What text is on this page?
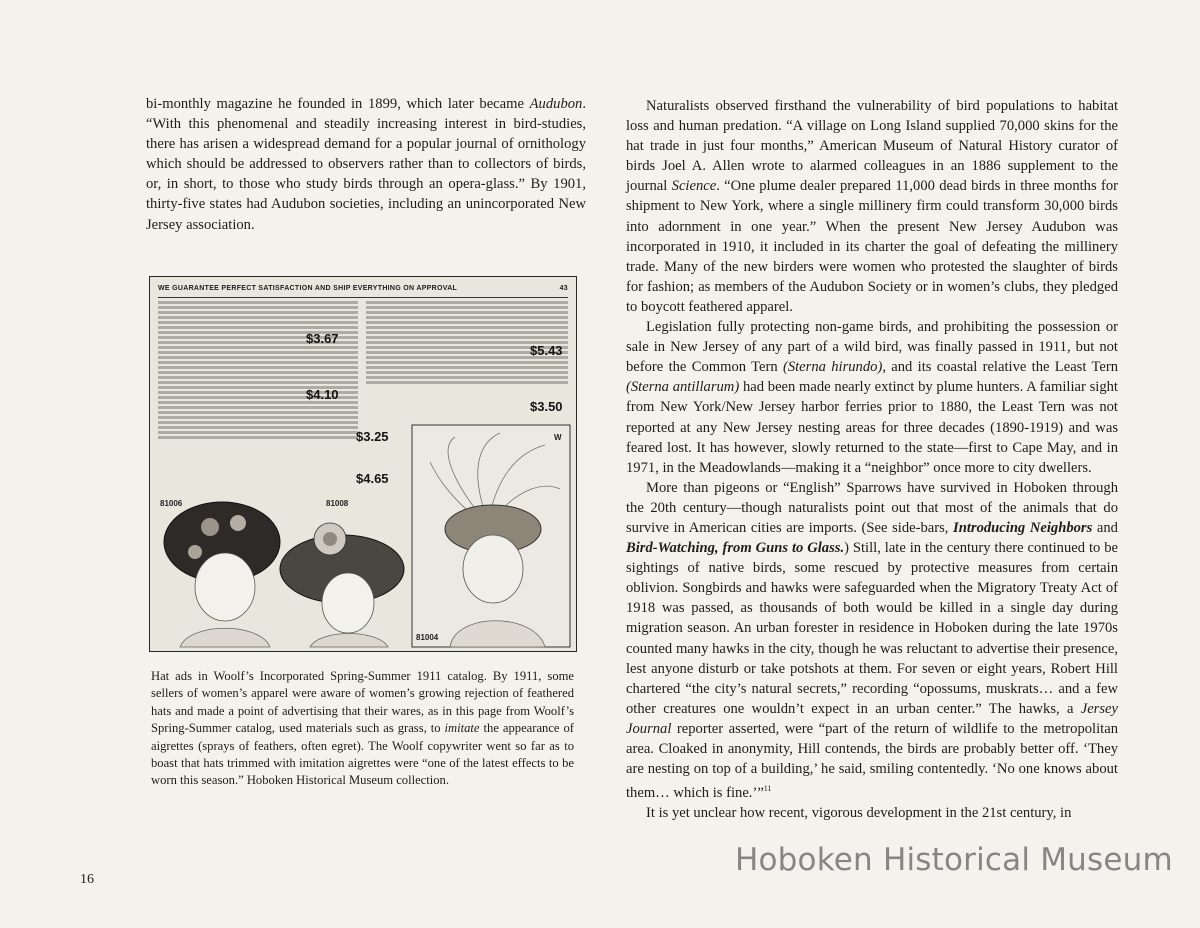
bi-monthly magazine he founded in 1899, which later became Audubon. “With this phenomenal and steadily increasing interest in bird-studies, there has arisen a widespread demand for a popular journal of ornithology which should be addressed to observers rather than to collectors of birds, or, in short, to those who study birds through an opera-glass.” By 1901, thirty-five states had Audubon societies, including an unincorporated New Jersey association.

WE GUARANTEE PERFECT SATISFACTION AND SHIP EVERYTHING ON APPROVAL	43
$3.67
$4.10
$3.25
$4.65
$5.43
$3.50
81006	81008
81004
W

Hat ads in Woolf’s Incorporated Spring-Summer 1911 catalog. By 1911, some sellers of women’s apparel were aware of women’s growing rejection of feathered hats and made a point of advertising that their wares, as in this page from Woolf’s Spring-Summer catalog, used materials such as grass, to imitate the appearance of aigrettes (sprays of feathers, often egret). The Woolf copywriter went so far as to boast that hats trimmed with imitation aigrettes were “one of the latest effects to be worn this season.” Hoboken Historical Museum collection.

Naturalists observed firsthand the vulnerability of bird populations to habitat loss and human predation. “A village on Long Island supplied 70,000 skins for the hat trade in just four months,” American Museum of Natural History curator of birds Joel A. Allen wrote to alarmed colleagues in an 1886 supplement to the journal Science. “One plume dealer prepared 11,000 dead birds in three months for shipment to New York, where a single millinery firm could transform 30,000 birds into adornment in one year.” When the present New Jersey Audubon was incorporated in 1910, it included in its charter the goal of defeating the millinery trade. Many of the new birders were women who protested the slaughter of birds for fashion; as members of the Audubon Society or in women’s clubs, they pledged to boycott feathered apparel.

Legislation fully protecting non-game birds, and prohibiting the possession or sale in New Jersey of any part of a wild bird, was finally passed in 1911, but not before the Common Tern (Sterna hirundo), and its coastal relative the Least Tern (Sterna antillarum) had been made nearly extinct by plume hunters. A familiar sight from New York/New Jersey harbor ferries prior to 1880, the Least Tern was not reported at any New Jersey nesting areas for three decades (1890-1919) and was feared lost. It has however, slowly returned to the state—first to Cape May, and in 1971, in the Meadowlands—making it a “neighbor” once more to city dwellers.

More than pigeons or “English” Sparrows have survived in Hoboken through the 20th century—though naturalists point out that most of the animals that do survive in American cities are imports. (See side-bars, Introducing Neighbors and Bird-Watching, from Guns to Glass.) Still, late in the century there continued to be sightings of native birds, some rescued by protective measures from certain oblivion. Songbirds and hawks were safeguarded when the Migratory Treaty Act of 1918 was passed, as thousands of both would be killed in a single day during migration season. An urban forester in residence in Hoboken during the late 1970s counted many hawks in the city, though he was reluctant to advertise their presence, lest anyone disturb or take potshots at them. For seven or eight years, Robert Hill chartered “the city’s natural secrets,” recording “opossums, muskrats… and a few other creatures one wouldn’t expect in an urban center.” The hawks, a Jersey Journal reporter asserted, were “part of the return of wildlife to the metropolitan area. Cloaked in anonymity, Hill contends, the birds are probably better off. ‘They are nesting on top of a building,’ he said, smiling contentedly. ‘No one knows about them… which is fine.’”$^{11}$

It is yet unclear how recent, vigorous development in the 21st century, in

16
Hoboken Historical Museum
